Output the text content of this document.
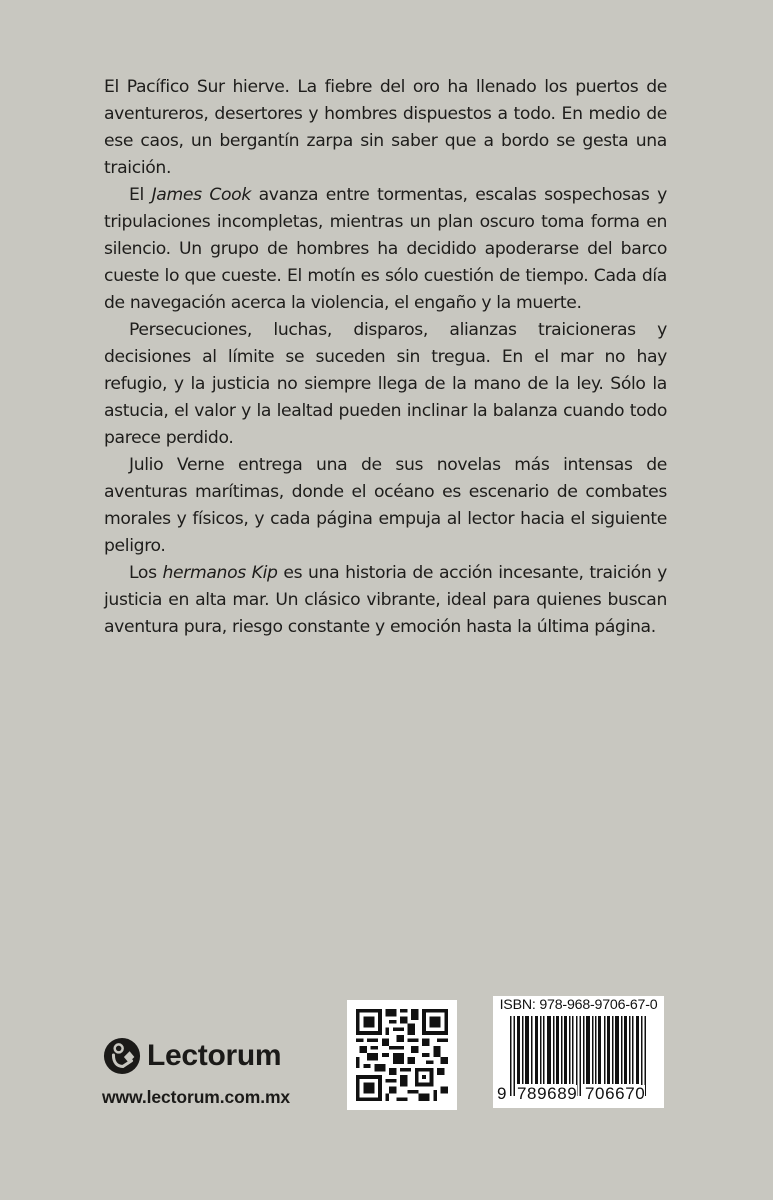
El Pacífico Sur hierve. La fiebre del oro ha llenado los puertos de aventureros, desertores y hombres dispuestos a todo. En medio de ese caos, un bergantín zarpa sin saber que a bordo se gesta una traición.

El James Cook avanza entre tormentas, escalas sospechosas y tripulaciones incompletas, mientras un plan oscuro toma forma en silencio. Un grupo de hombres ha decidido apoderarse del barco cueste lo que cueste. El motín es sólo cuestión de tiempo. Cada día de navegación acerca la violencia, el engaño y la muerte.

Persecuciones, luchas, disparos, alianzas traicioneras y decisiones al límite se suceden sin tregua. En el mar no hay refugio, y la justicia no siempre llega de la mano de la ley. Sólo la astucia, el valor y la lealtad pueden inclinar la balanza cuando todo parece perdido.

Julio Verne entrega una de sus novelas más intensas de aventuras marítimas, donde el océano es escenario de combates morales y físicos, y cada página empuja al lector hacia el siguiente peligro.

Los hermanos Kip es una historia de acción incesante, traición y justicia en alta mar. Un clásico vibrante, ideal para quienes buscan aventura pura, riesgo constante y emoción hasta la última página.

Lectorum
www.lectorum.com.mx
ISBN: 978-968-9706-67-0
9 789689 706670
